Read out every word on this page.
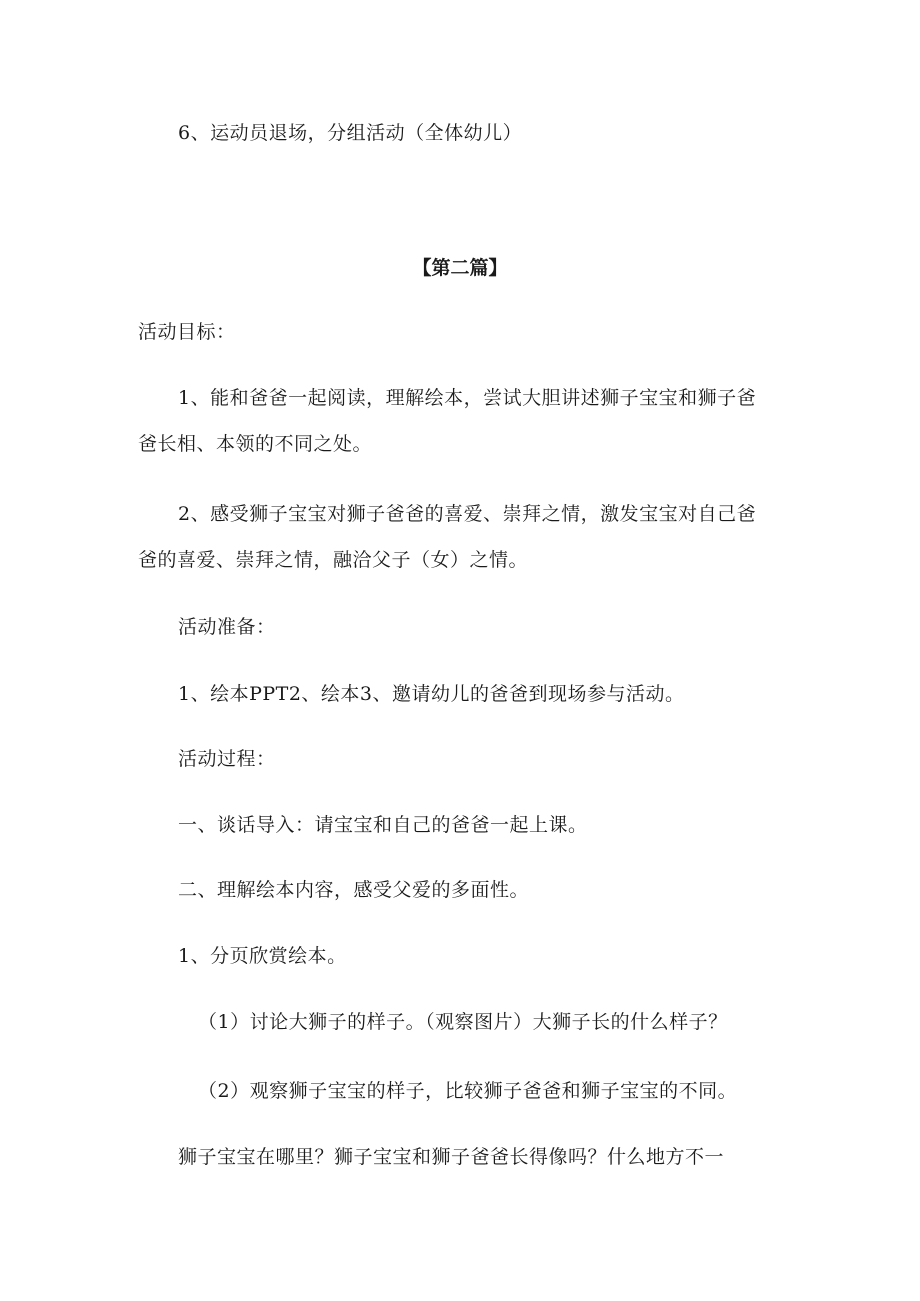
6、运动员退场，分组活动（全体幼儿）
【第二篇】
活动目标：
1、能和爸爸一起阅读，理解绘本，尝试大胆讲述狮子宝宝和狮子爸
爸长相、本领的不同之处。
2、感受狮子宝宝对狮子爸爸的喜爱、崇拜之情，激发宝宝对自己爸
爸的喜爱、崇拜之情，融洽父子（女）之情。
活动准备：
1、绘本PPT2、绘本3、邀请幼儿的爸爸到现场参与活动。
活动过程：
一、谈话导入：请宝宝和自己的爸爸一起上课。
二、理解绘本内容，感受父爱的多面性。
1、分页欣赏绘本。
（1）讨论大狮子的样子。（观察图片）大狮子长的什么样子？
（2）观察狮子宝宝的样子，比较狮子爸爸和狮子宝宝的不同。
狮子宝宝在哪里？狮子宝宝和狮子爸爸长得像吗？什么地方不一
